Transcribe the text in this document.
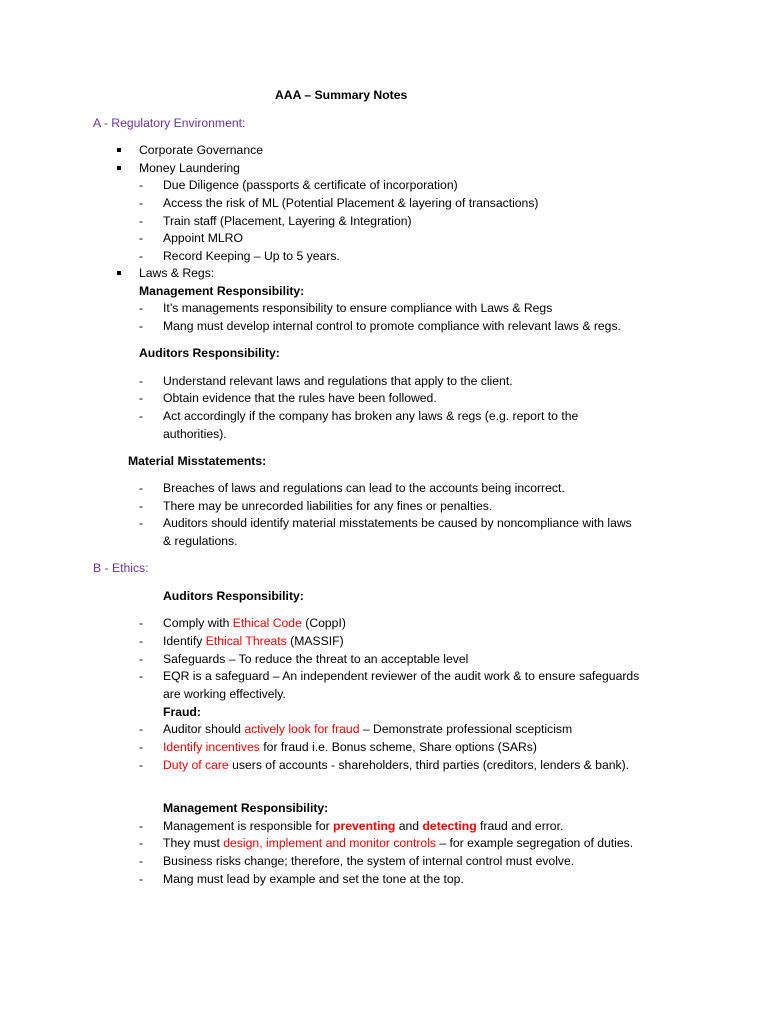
AAA – Summary Notes
A - Regulatory Environment:
Corporate Governance
Money Laundering
- Due Diligence (passports & certificate of incorporation)
- Access the risk of ML (Potential Placement & layering of transactions)
- Train staff (Placement, Layering & Integration)
- Appoint MLRO
- Record Keeping – Up to 5 years.
Laws & Regs:
Management Responsibility:
- It’s managements responsibility to ensure compliance with Laws & Regs
- Mang must develop internal control to promote compliance with relevant laws & regs.
Auditors Responsibility:
- Understand relevant laws and regulations that apply to the client.
- Obtain evidence that the rules have been followed.
- Act accordingly if the company has broken any laws & regs (e.g. report to the
authorities).
Material Misstatements:
- Breaches of laws and regulations can lead to the accounts being incorrect.
- There may be unrecorded liabilities for any fines or penalties.
- Auditors should identify material misstatements be caused by noncompliance with laws
& regulations.
B - Ethics:
Auditors Responsibility:
- Comply with Ethical Code (CoppI)
- Identify Ethical Threats (MASSIF)
- Safeguards – To reduce the threat to an acceptable level
- EQR is a safeguard – An independent reviewer of the audit work & to ensure safeguards
are working effectively.
Fraud:
- Auditor should actively look for fraud – Demonstrate professional scepticism
- Identify incentives for fraud i.e. Bonus scheme, Share options (SARs)
- Duty of care users of accounts - shareholders, third parties (creditors, lenders & bank).
Management Responsibility:
- Management is responsible for preventing and detecting fraud and error.
- They must design, implement and monitor controls – for example segregation of duties.
- Business risks change; therefore, the system of internal control must evolve.
- Mang must lead by example and set the tone at the top.
